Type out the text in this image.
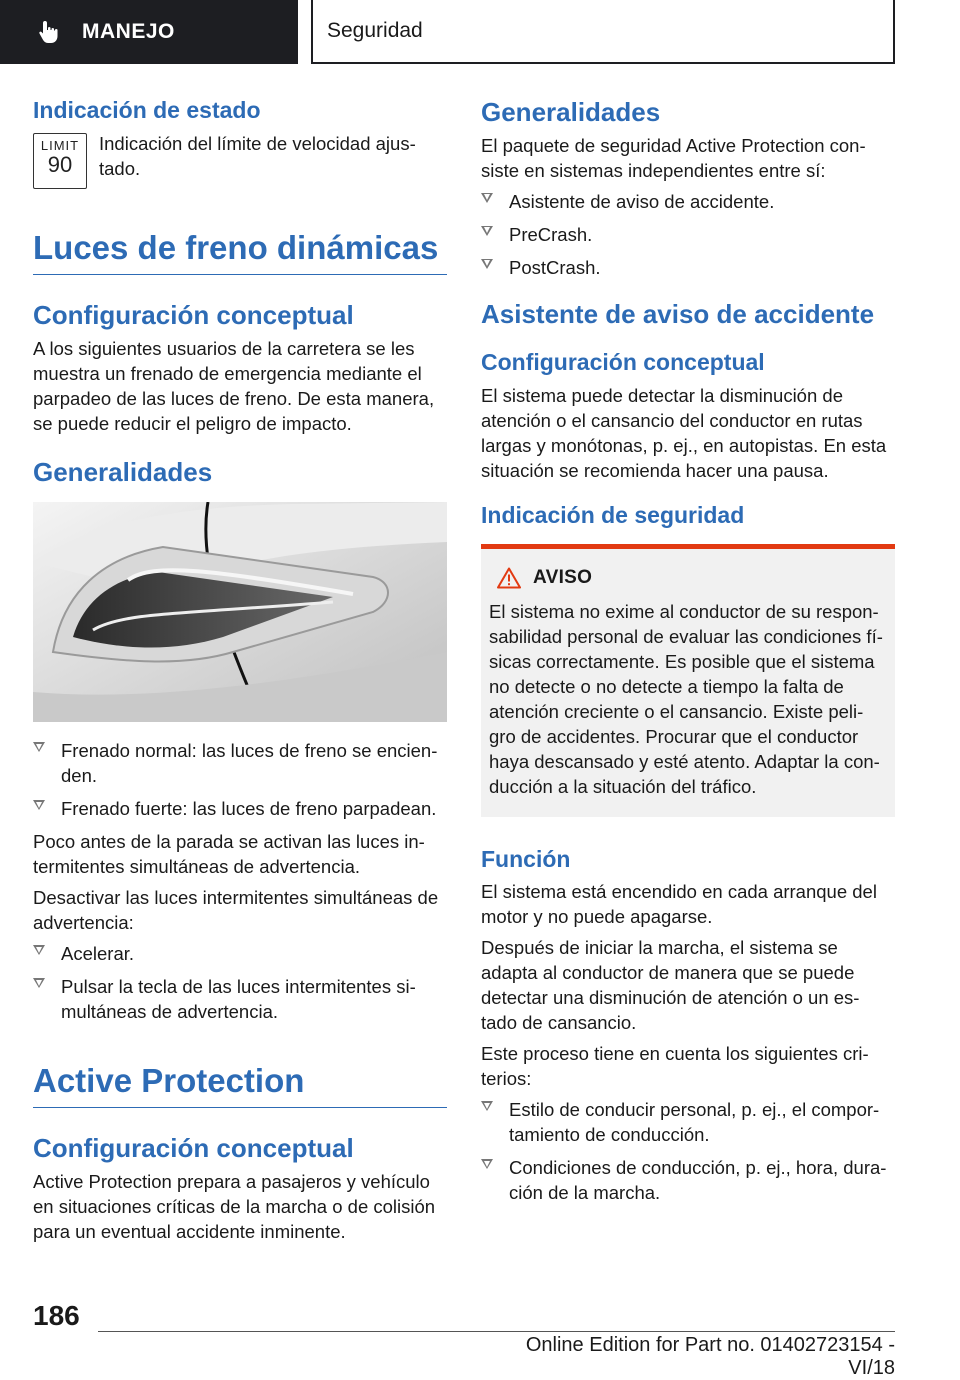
MANEJO	Seguridad
Indicación de estado
LIMIT
90

Indicación del límite de velocidad ajus- tado.

Luces de freno dinámicas
Configuración conceptual

A los siguientes usuarios de la carretera se les muestra un frenado de emergencia mediante el parpadeo de las luces de freno. De esta manera, se puede reducir el peligro de impacto.

Generalidades
Frenado normal: las luces de freno se encien- den.
Frenado fuerte: las luces de freno parpadean.

Poco antes de la parada se activan las luces in- termitentes simultáneas de advertencia.

Desactivar las luces intermitentes simultáneas de advertencia:

Acelerar.
Pulsar la tecla de las luces intermitentes si- multáneas de advertencia.
Active Protection
Configuración conceptual

Active Protection prepara a pasajeros y vehículo en situaciones críticas de la marcha o de colisión para un eventual accidente inminente.

Generalidades

El paquete de seguridad Active Protection con- siste en sistemas independientes entre sí:

Asistente de aviso de accidente.
PreCrash.
PostCrash.
Asistente de aviso de accidente
Configuración conceptual

El sistema puede detectar la disminución de atención o el cansancio del conductor en rutas largas y monótonas, p. ej., en autopistas. En esta situación se recomienda hacer una pausa.

Indicación de seguridad
AVISO

El sistema no exime al conductor de su respon- sabilidad personal de evaluar las condiciones fí- sicas correctamente. Es posible que el sistema no detecte o no detecte a tiempo la falta de atención creciente o el cansancio. Existe peli- gro de accidentes. Procurar que el conductor haya descansado y esté atento. Adaptar la con- ducción a la situación del tráfico.

Función

El sistema está encendido en cada arranque del motor y no puede apagarse.

Después de iniciar la marcha, el sistema se adapta al conductor de manera que se puede detectar una disminución de atención o un es- tado de cansancio.

Este proceso tiene en cuenta los siguientes cri- terios:

Estilo de conducir personal, p. ej., el compor- tamiento de conducción.
Condiciones de conducción, p. ej., hora, dura- ción de la marcha.
186
Online Edition for Part no. 01402723154 - VI/18
